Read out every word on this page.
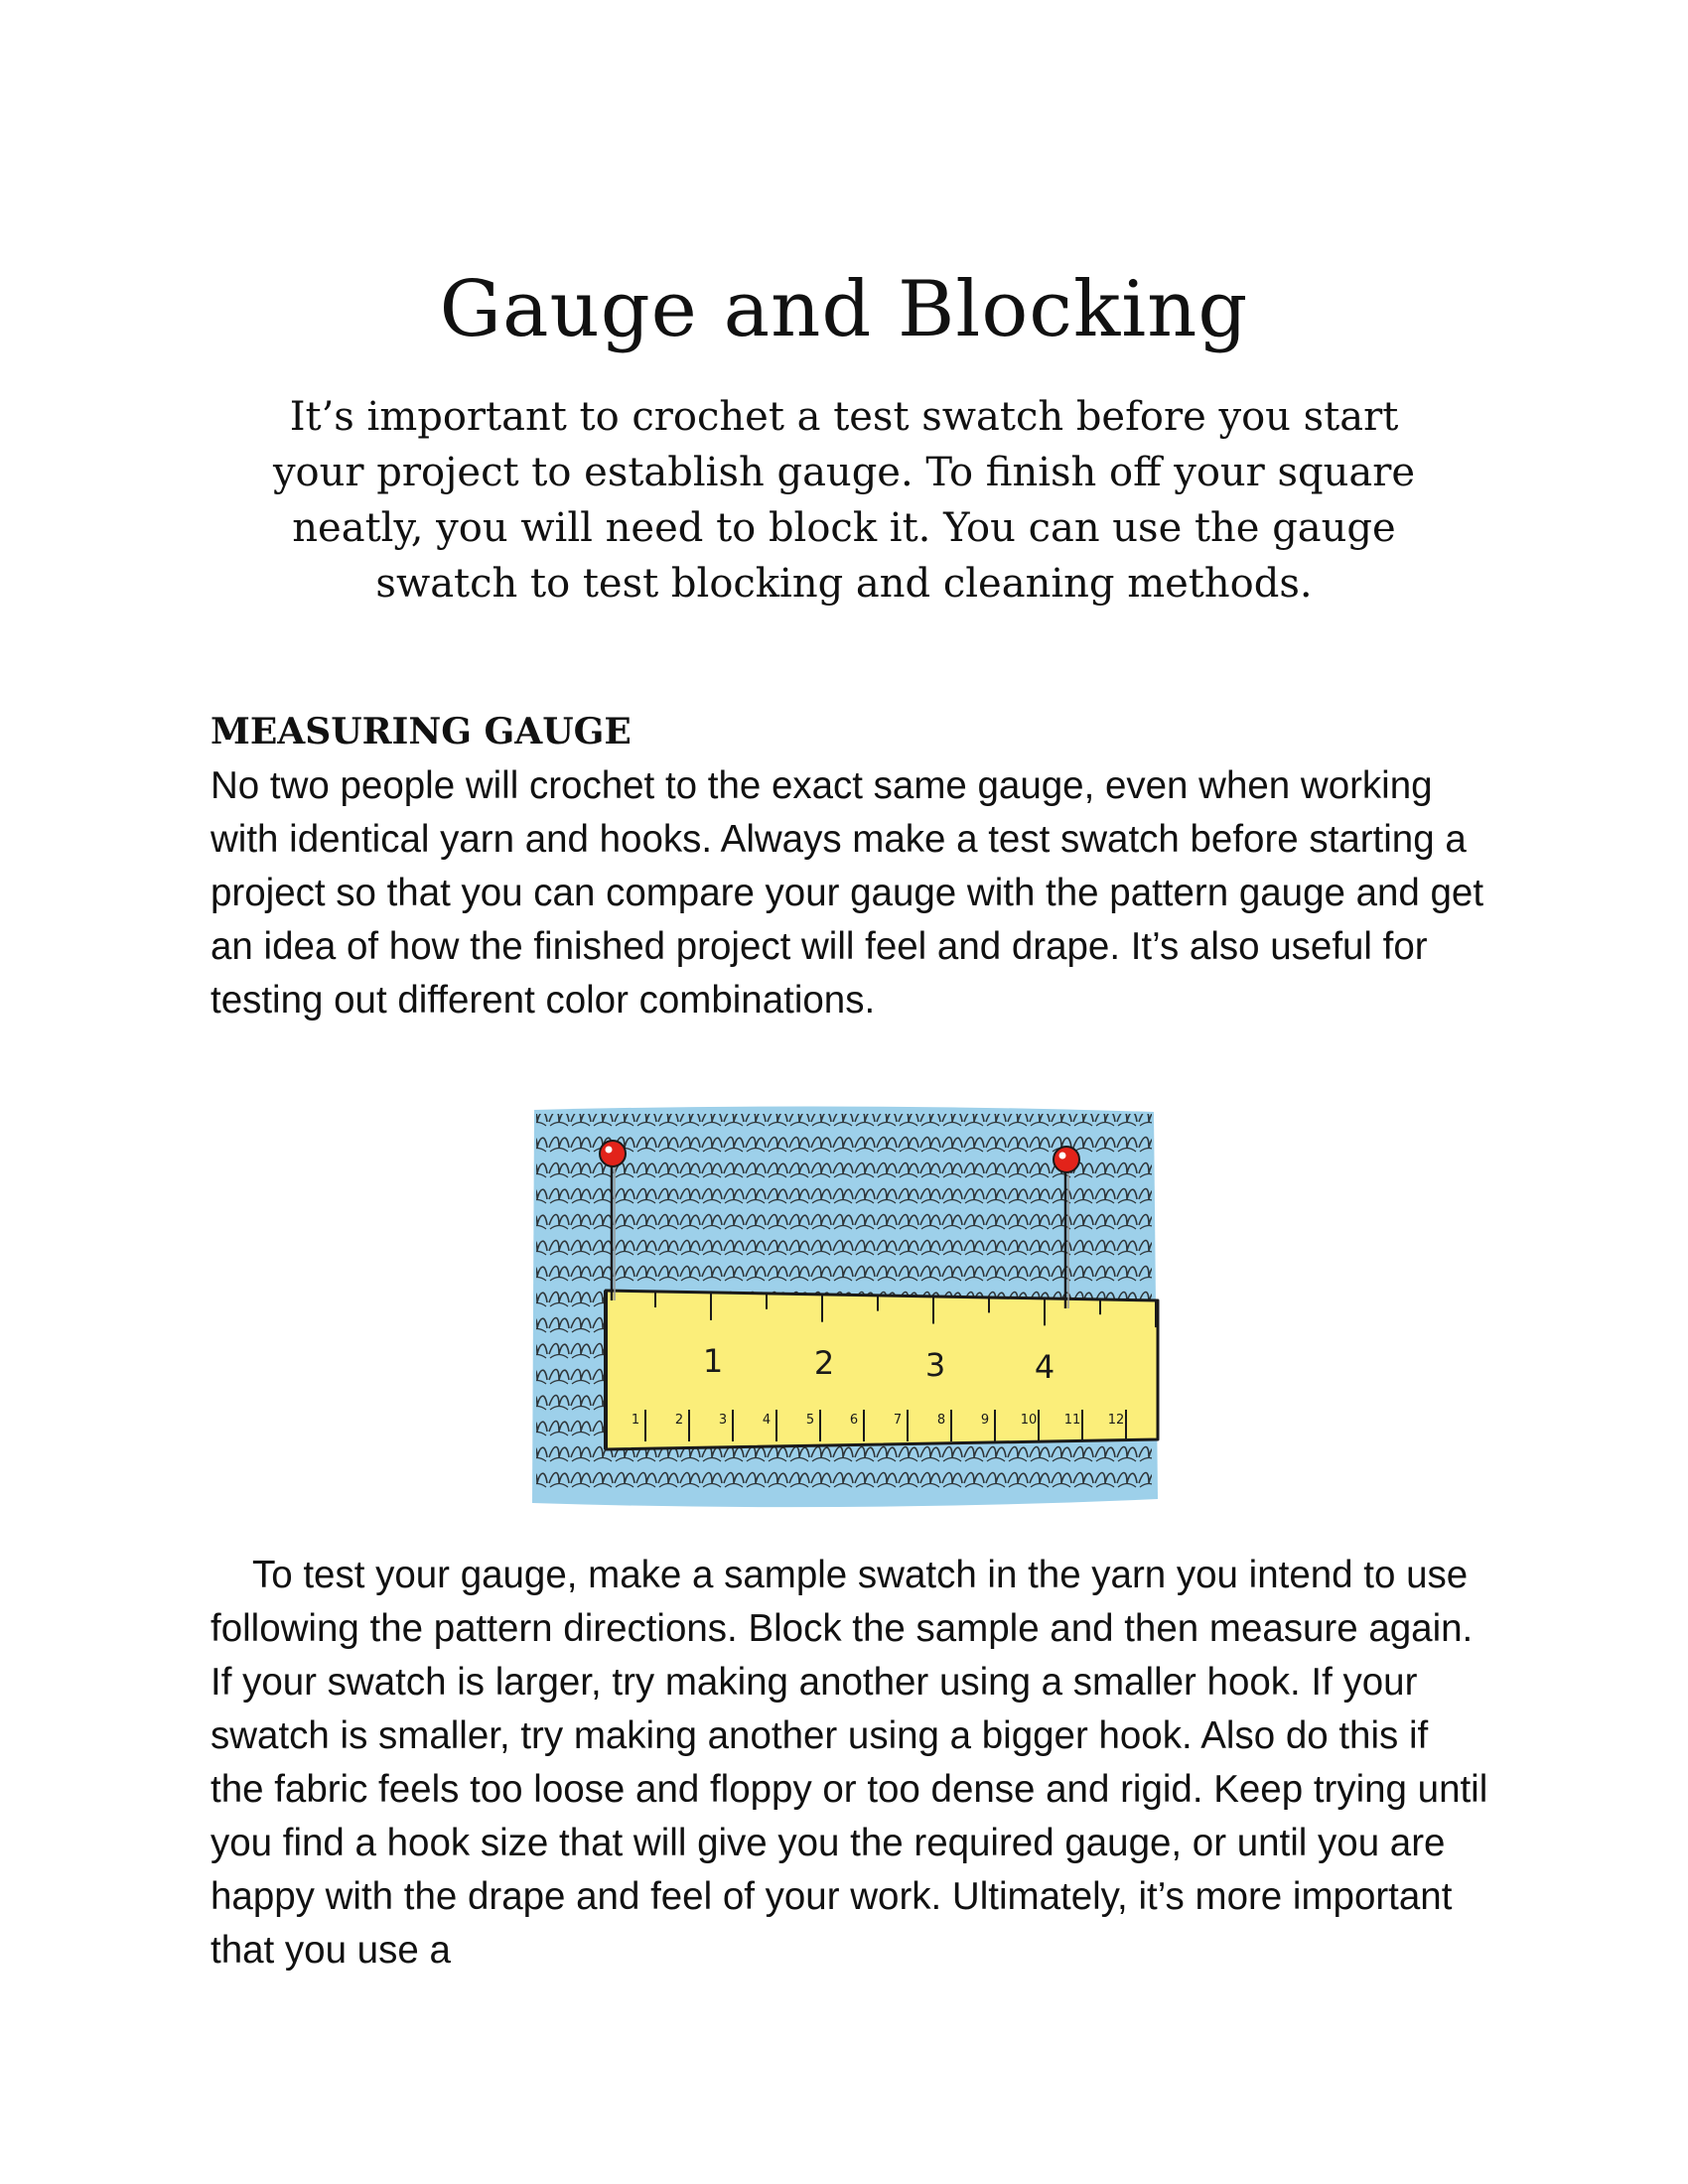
Gauge and Blocking

It’s important to crochet a test swatch before you start your project to establish gauge. To finish off your square neatly, you will need to block it. You can use the gauge swatch to test blocking and cleaning methods.

MEASURING GAUGE

No two people will crochet to the exact same gauge, even when working with identical yarn and hooks. Always make a test swatch before starting a project so that you can compare your gauge with the pattern gauge and get an idea of how the finished project will feel and drape. It’s also useful for testing out different color combinations.

1	2	3	4
1	2	3	4	5	6	7	8	9 10 11 12

To test your gauge, make a sample swatch in the yarn you intend to use following the pattern directions. Block the sample and then measure again. If your swatch is larger, try making another using a smaller hook. If your swatch is smaller, try making another using a bigger hook. Also do this if the fabric feels too loose and floppy or too dense and rigid. Keep trying until you find a hook size that will give you the required gauge, or until you are happy with the drape and feel of your work. Ultimately, it’s more important that you use a
